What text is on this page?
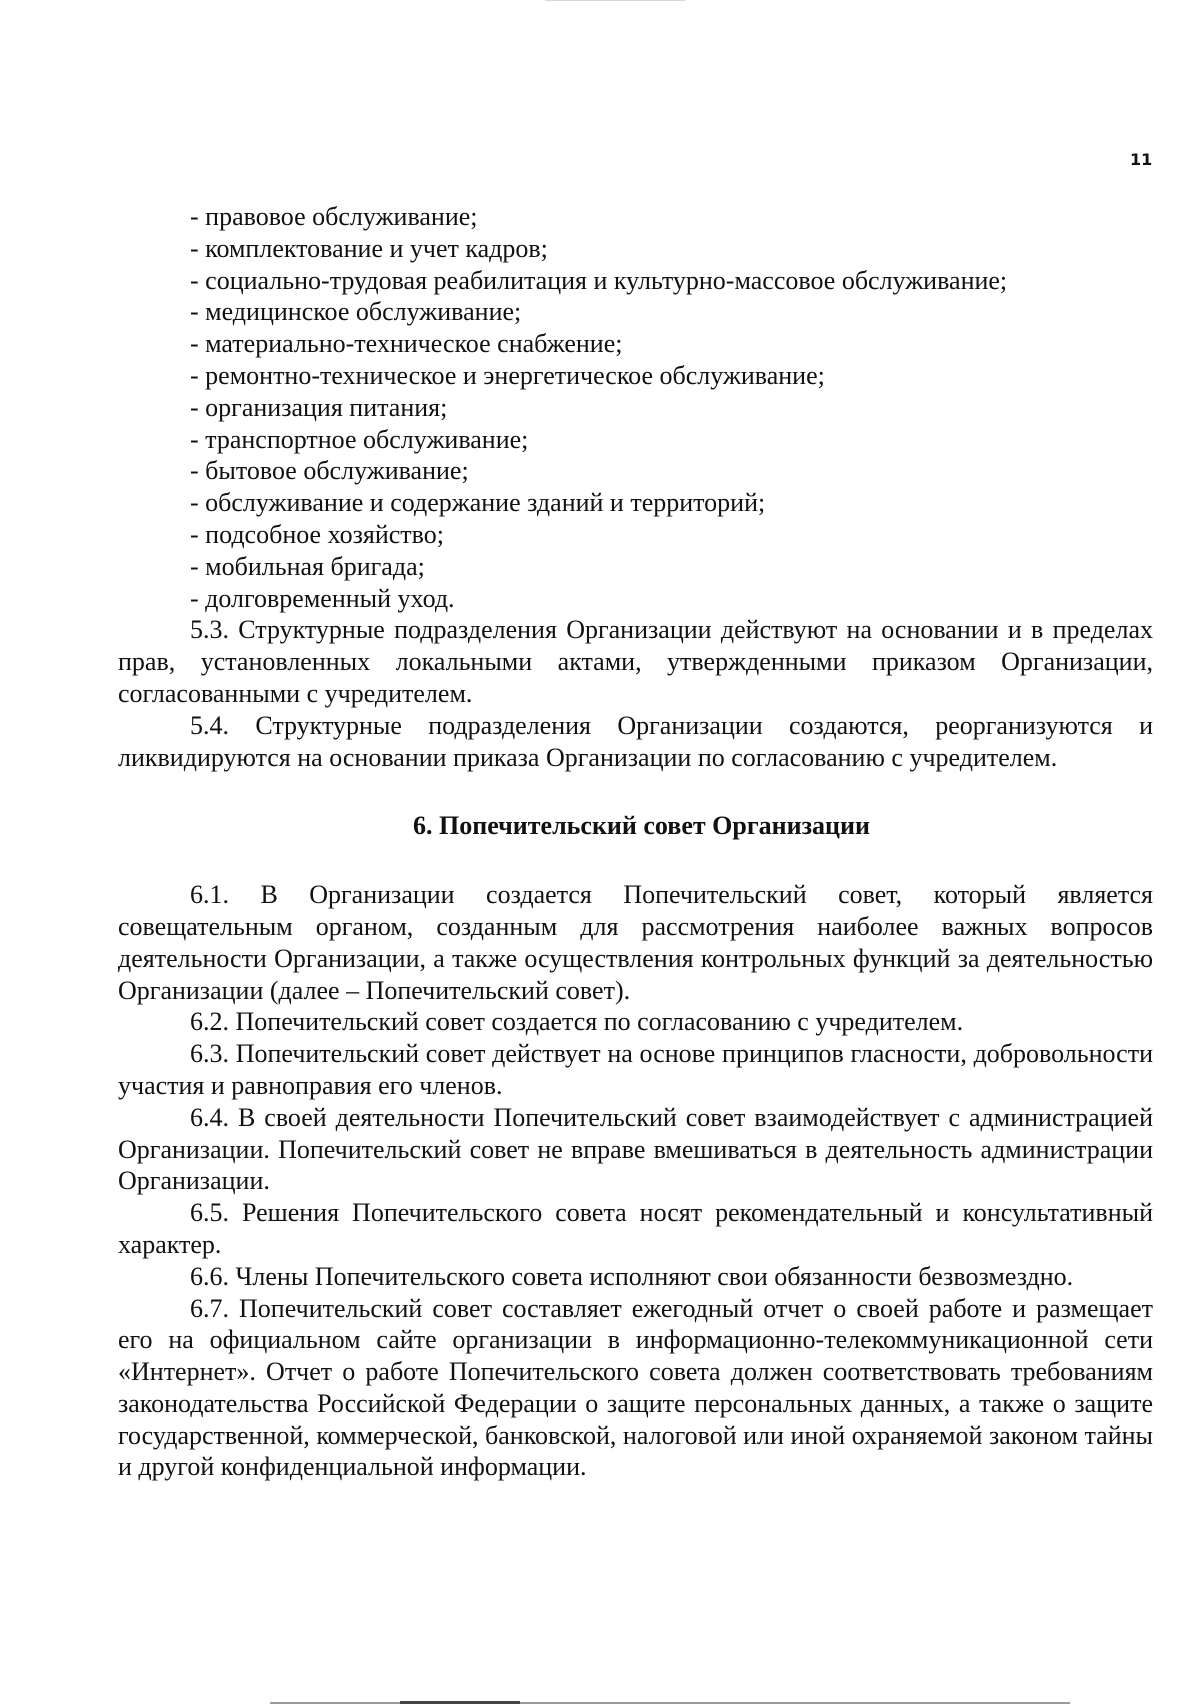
11
- правовое обслуживание;
- комплектование и учет кадров;
- социально-трудовая реабилитация и культурно-массовое обслуживание;
- медицинское обслуживание;
- материально-техническое снабжение;
- ремонтно-техническое и энергетическое обслуживание;
- организация питания;
- транспортное обслуживание;
- бытовое обслуживание;
- обслуживание и содержание зданий и территорий;
- подсобное хозяйство;
- мобильная бригада;
- долговременный уход.

5.3. Структурные подразделения Организации действуют на основании и в пределах прав, установленных локальными актами, утвержденными приказом Организации, согласованными с учредителем.

5.4. Структурные подразделения Организации создаются, реорганизуются и ликвидируются на основании приказа Организации по согласованию с учредителем.

6. Попечительский совет Организации

6.1. В Организации создается Попечительский совет, который является совещательным органом, созданным для рассмотрения наиболее важных вопросов деятельности Организации, а также осуществления контрольных функций за деятельностью Организации (далее – Попечительский совет).

6.2. Попечительский совет создается по согласованию с учредителем.

6.3. Попечительский совет действует на основе принципов гласности, добровольности участия и равноправия его членов.

6.4. В своей деятельности Попечительский совет взаимодействует с администрацией Организации. Попечительский совет не вправе вмешиваться в деятельность администрации Организации.

6.5. Решения Попечительского совета носят рекомендательный и консультативный характер.

6.6. Члены Попечительского совета исполняют свои обязанности безвозмездно.

6.7. Попечительский совет составляет ежегодный отчет о своей работе и размещает его на официальном сайте организации в информационно-телекоммуникационной сети «Интернет». Отчет о работе Попечительского совета должен соответствовать требованиям законодательства Российской Федерации о защите персональных данных, а также о защите государственной, коммерческой, банковской, налоговой или иной охраняемой законом тайны и другой конфиденциальной информации.
